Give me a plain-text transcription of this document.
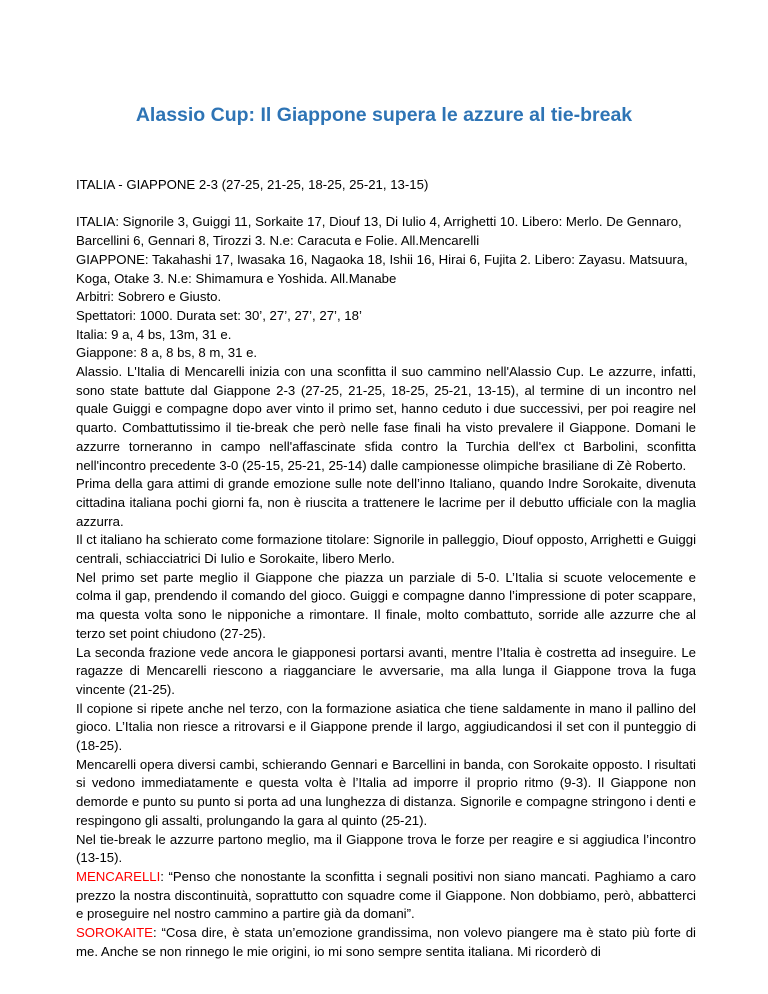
Alassio Cup: Il Giappone supera le azzure al tie-break

ITALIA - GIAPPONE 2-3 (27-25, 21-25, 18-25, 25-21, 13-15)

ITALIA: Signorile 3, Guiggi 11, Sorkaite 17, Diouf 13, Di Iulio 4, Arrighetti 10. Libero: Merlo. De Gennaro, Barcellini 6, Gennari 8, Tirozzi 3. N.e: Caracuta e Folie. All.Mencarelli

GIAPPONE: Takahashi 17, Iwasaka 16, Nagaoka 18, Ishii 16, Hirai 6, Fujita 2. Libero: Zayasu. Matsuura, Koga, Otake 3. N.e: Shimamura e Yoshida. All.Manabe

Arbitri: Sobrero e Giusto.

Spettatori: 1000. Durata set: 30’, 27’, 27’, 27’, 18’

Italia: 9 a, 4 bs, 13m, 31 e.

Giappone: 8 a, 8 bs, 8 m, 31 e.

Alassio. L'Italia di Mencarelli inizia con una sconfitta il suo cammino nell'Alassio Cup. Le azzurre, infatti, sono state battute dal Giappone 2-3 (27-25, 21-25, 18-25, 25-21, 13-15), al termine di un incontro nel quale Guiggi e compagne dopo aver vinto il primo set, hanno ceduto i due successivi, per poi reagire nel quarto. Combattutissimo il tie-break che però nelle fase finali ha visto prevalere il Giappone. Domani le azzurre torneranno in campo nell'affascinate sfida contro la Turchia dell'ex ct Barbolini, sconfitta nell'incontro precedente 3-0 (25-15, 25-21, 25-14) dalle campionesse olimpiche brasiliane di Zè Roberto.

Prima della gara attimi di grande emozione sulle note dell’inno Italiano, quando Indre Sorokaite, divenuta cittadina italiana pochi giorni fa, non è riuscita a trattenere le lacrime per il debutto ufficiale con la maglia azzurra.

Il ct italiano ha schierato come formazione titolare: Signorile in palleggio, Diouf opposto, Arrighetti e Guiggi centrali, schiacciatrici Di Iulio e Sorokaite, libero Merlo.

Nel primo set parte meglio il Giappone che piazza un parziale di 5-0. L’Italia si scuote velocemente e colma il gap, prendendo il comando del gioco. Guiggi e compagne danno l’impressione di poter scappare, ma questa volta sono le nipponiche a rimontare. Il finale, molto combattuto, sorride alle azzurre che al terzo set point chiudono (27-25).

La seconda frazione vede ancora le giapponesi portarsi avanti, mentre l’Italia è costretta ad inseguire. Le ragazze di Mencarelli riescono a riagganciare le avversarie, ma alla lunga il Giappone trova la fuga vincente (21-25).

Il copione si ripete anche nel terzo, con la formazione asiatica che tiene saldamente in mano il pallino del gioco. L’Italia non riesce a ritrovarsi e il Giappone prende il largo, aggiudicandosi il set con il punteggio di (18-25).

Mencarelli opera diversi cambi, schierando Gennari e Barcellini in banda, con Sorokaite opposto. I risultati si vedono immediatamente e questa volta è l’Italia ad imporre il proprio ritmo (9-3). Il Giappone non demorde e punto su punto si porta ad una lunghezza di distanza. Signorile e compagne stringono i denti e respingono gli assalti, prolungando la gara al quinto (25-21).

Nel tie-break le azzurre partono meglio, ma il Giappone trova le forze per reagire e si aggiudica l’incontro (13-15).

MENCARELLI: “Penso che nonostante la sconfitta i segnali positivi non siano mancati. Paghiamo a caro prezzo la nostra discontinuità, soprattutto con squadre come il Giappone. Non dobbiamo, però, abbatterci e proseguire nel nostro cammino a partire già da domani”.

SOROKAITE: “Cosa dire, è stata un’emozione grandissima, non volevo piangere ma è stato più forte di me. Anche se non rinnego le mie origini, io mi sono sempre sentita italiana. Mi ricorderò di
